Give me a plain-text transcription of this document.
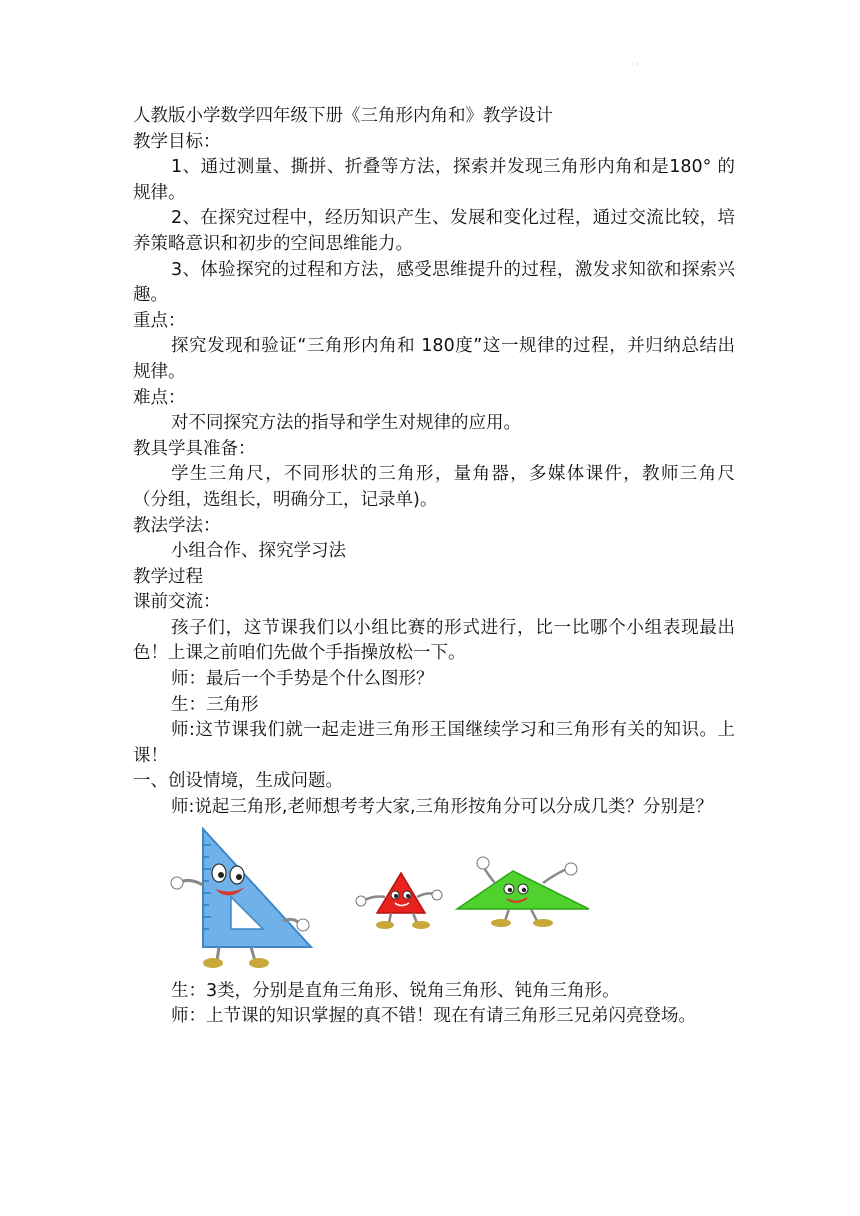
·

人教版小学数学四年级下册《三角形内角和》教学设计

教学目标：

1、通过测量、撕拼、折叠等方法，探索并发现三角形内角和是180° 的规律。

2、在探究过程中，经历知识产生、发展和变化过程，通过交流比较，培养策略意识和初步的空间思维能力。

3、体验探究的过程和方法，感受思维提升的过程，激发求知欲和探索兴趣。

重点：

探究发现和验证“三角形内角和 180度”这一规律的过程，并归纳总结出规律。

难点：

对不同探究方法的指导和学生对规律的应用。

教具学具准备：

学生三角尺，不同形状的三角形，量角器，多媒体课件，教师三角尺 （分组，选组长，明确分工，记录单)。

教法学法：

小组合作、探究学习法

教学过程

课前交流：

孩子们，这节课我们以小组比赛的形式进行，比一比哪个小组表现最出色！上课之前咱们先做个手指操放松一下。

师：最后一个手势是个什么图形？

生：三角形

师:这节课我们就一起走进三角形王国继续学习和三角形有关的知识。上课！

一、创设情境，生成问题。

师:说起三角形,老师想考考大家,三角形按角分可以分成几类？分别是？

生：3类，分别是直角三角形、锐角三角形、钝角三角形。

师：上节课的知识掌握的真不错！现在有请三角形三兄弟闪亮登场。
